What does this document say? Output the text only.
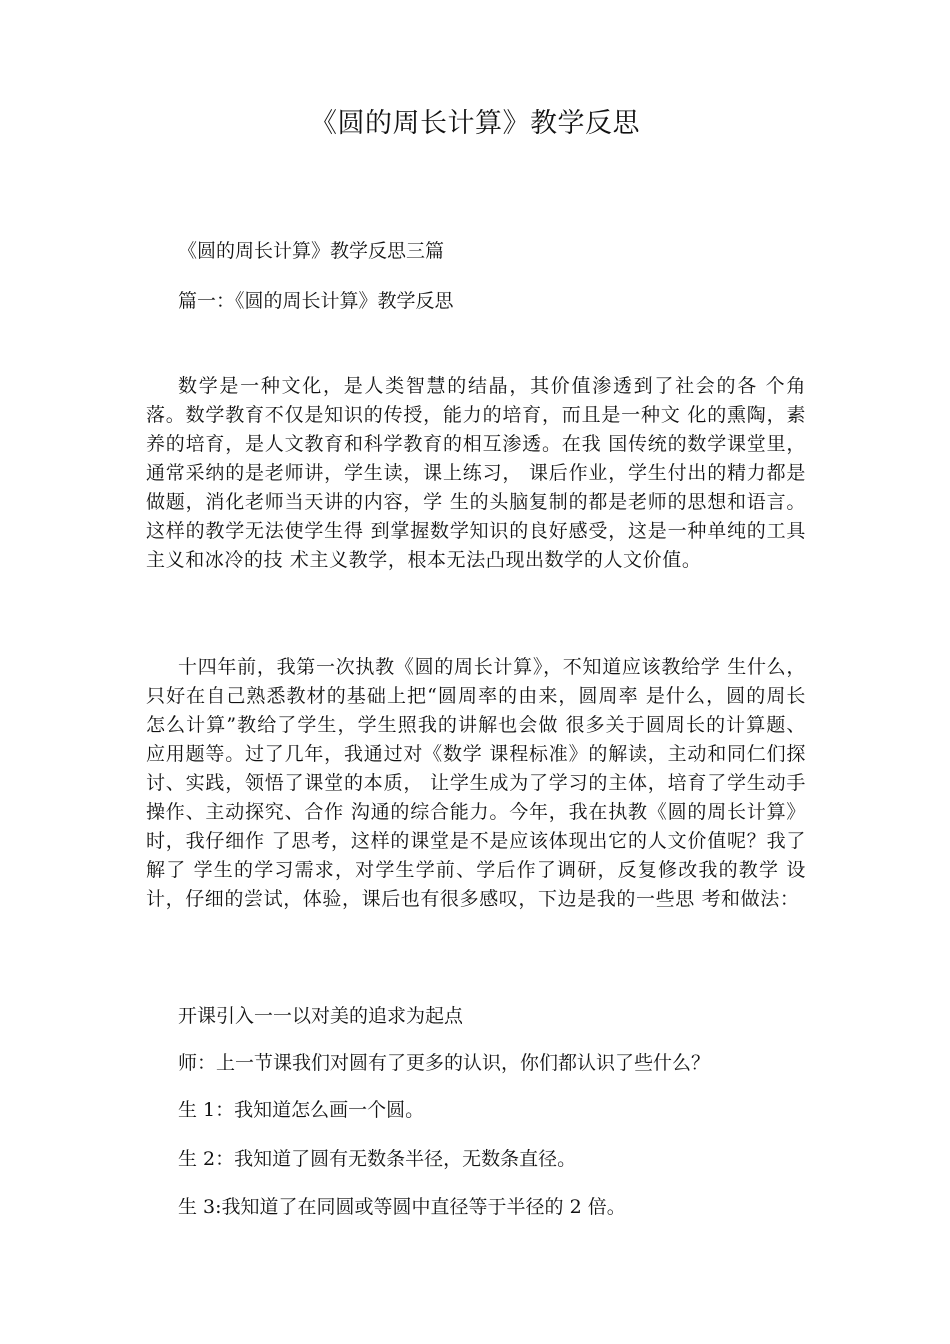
《圆的周长计算》教学反思

《圆的周长计算》教学反思三篇

篇一：《圆的周长计算》教学反思

数学是一种文化，是人类智慧的结晶，其价值渗透到了社会的各 个角落。数学教育不仅是知识的传授，能力的培育，而且是一种文 化的熏陶，素养的培育，是人文教育和科学教育的相互渗透。在我 国传统的数学课堂里，通常采纳的是老师讲，学生读，课上练习， 课后作业，学生付出的精力都是做题，消化老师当天讲的内容，学 生的头脑复制的都是老师的思想和语言。这样的教学无法使学生得 到掌握数学知识的良好感受，这是一种单纯的工具主义和冰冷的技 术主义教学，根本无法凸现出数学的人文价值。

十四年前，我第一次执教《圆的周长计算》，不知道应该教给学 生什么，只好在自己熟悉教材的基础上把“圆周率的由来，圆周率 是什么，圆的周长怎么计算”教给了学生，学生照我的讲解也会做 很多关于圆周长的计算题、应用题等。过了几年，我通过对《数学 课程标准》的解读，主动和同仁们探讨、实践，领悟了课堂的本质， 让学生成为了学习的主体，培育了学生动手操作、主动探究、合作 沟通的综合能力。今年，我在执教《圆的周长计算》时，我仔细作 了思考，这样的课堂是不是应该体现出它的人文价值呢？我了解了 学生的学习需求，对学生学前、学后作了调研，反复修改我的教学 设计，仔细的尝试，体验，课后也有很多感叹，下边是我的一些思 考和做法：

开课引入一一以对美的追求为起点

师：上一节课我们对圆有了更多的认识，你们都认识了些什么？

生 1：我知道怎么画一个圆。

生 2：我知道了圆有无数条半径，无数条直径。

生 3:我知道了在同圆或等圆中直径等于半径的 2 倍。
